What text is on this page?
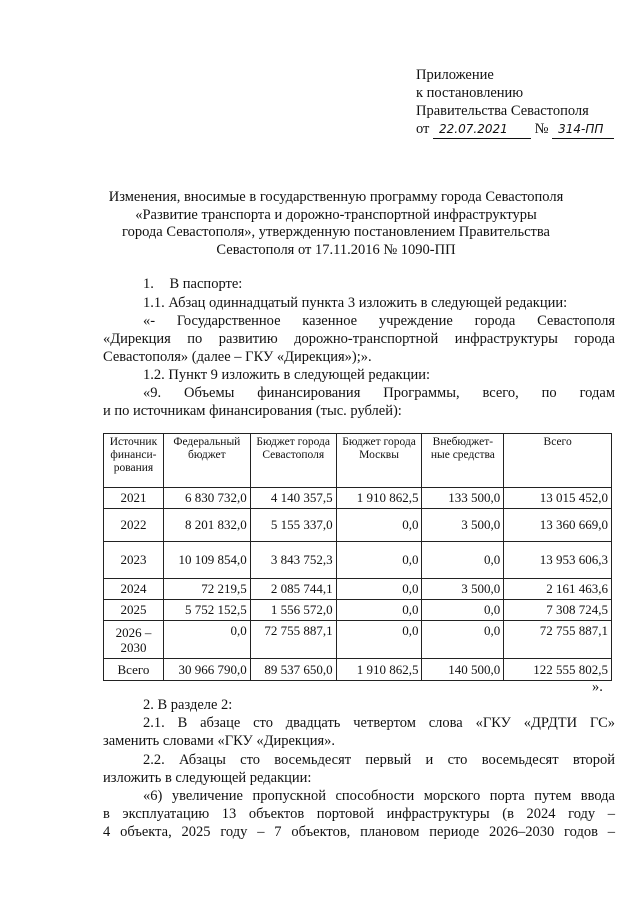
Приложение
к постановлению
Правительства Севастополя
от 22.07.2021 № 314-ПП
Изменения, вносимые в государственную программу города Севастополя
«Развитие транспорта и дорожно-транспортной инфраструктуры
города Севастополя», утвержденную постановлением Правительства
Севастополя от 17.11.2016 № 1090-ПП
1. В паспорте:
1.1. Абзац одиннадцатый пункта 3 изложить в следующей редакции:
«- Государственное казенное учреждение города Севастополя
«Дирекция по развитию дорожно-транспортной инфраструктуры города
Севастополя» (далее – ГКУ «Дирекция»);».
1.2. Пункт 9 изложить в следующей редакции:
«9. Объемы финансирования Программы, всего, по годам
и по источникам финансирования (тыс. рублей):
Источник финанси-рования	Федеральный бюджет	Бюджет города Севастополя	Бюджет города Москвы	Внебюджет-ные средства	Всего
2021	6 830 732,0	4 140 357,5	1 910 862,5	133 500,0	13 015 452,0
2022	8 201 832,0	5 155 337,0	0,0	3 500,0	13 360 669,0
2023	10 109 854,0	3 843 752,3	0,0	0,0	13 953 606,3
2024	72 219,5	2 085 744,1	0,0	3 500,0	2 161 463,6
2025	5 752 152,5	1 556 572,0	0,0	0,0	7 308 724,5
2026 – 2030	0,0	72 755 887,1	0,0	0,0	72 755 887,1
Всего	30 966 790,0	89 537 650,0	1 910 862,5	140 500,0	122 555 802,5
».
2. В разделе 2:
2.1. В абзаце сто двадцать четвертом слова «ГКУ «ДРДТИ ГС»
заменить словами «ГКУ «Дирекция».
2.2. Абзацы сто восемьдесят первый и сто восемьдесят второй
изложить в следующей редакции:
«6) увеличение пропускной способности морского порта путем ввода
в эксплуатацию 13 объектов портовой инфраструктуры (в 2024 году –
4 объекта, 2025 году – 7 объектов, плановом периоде 2026–2030 годов –
